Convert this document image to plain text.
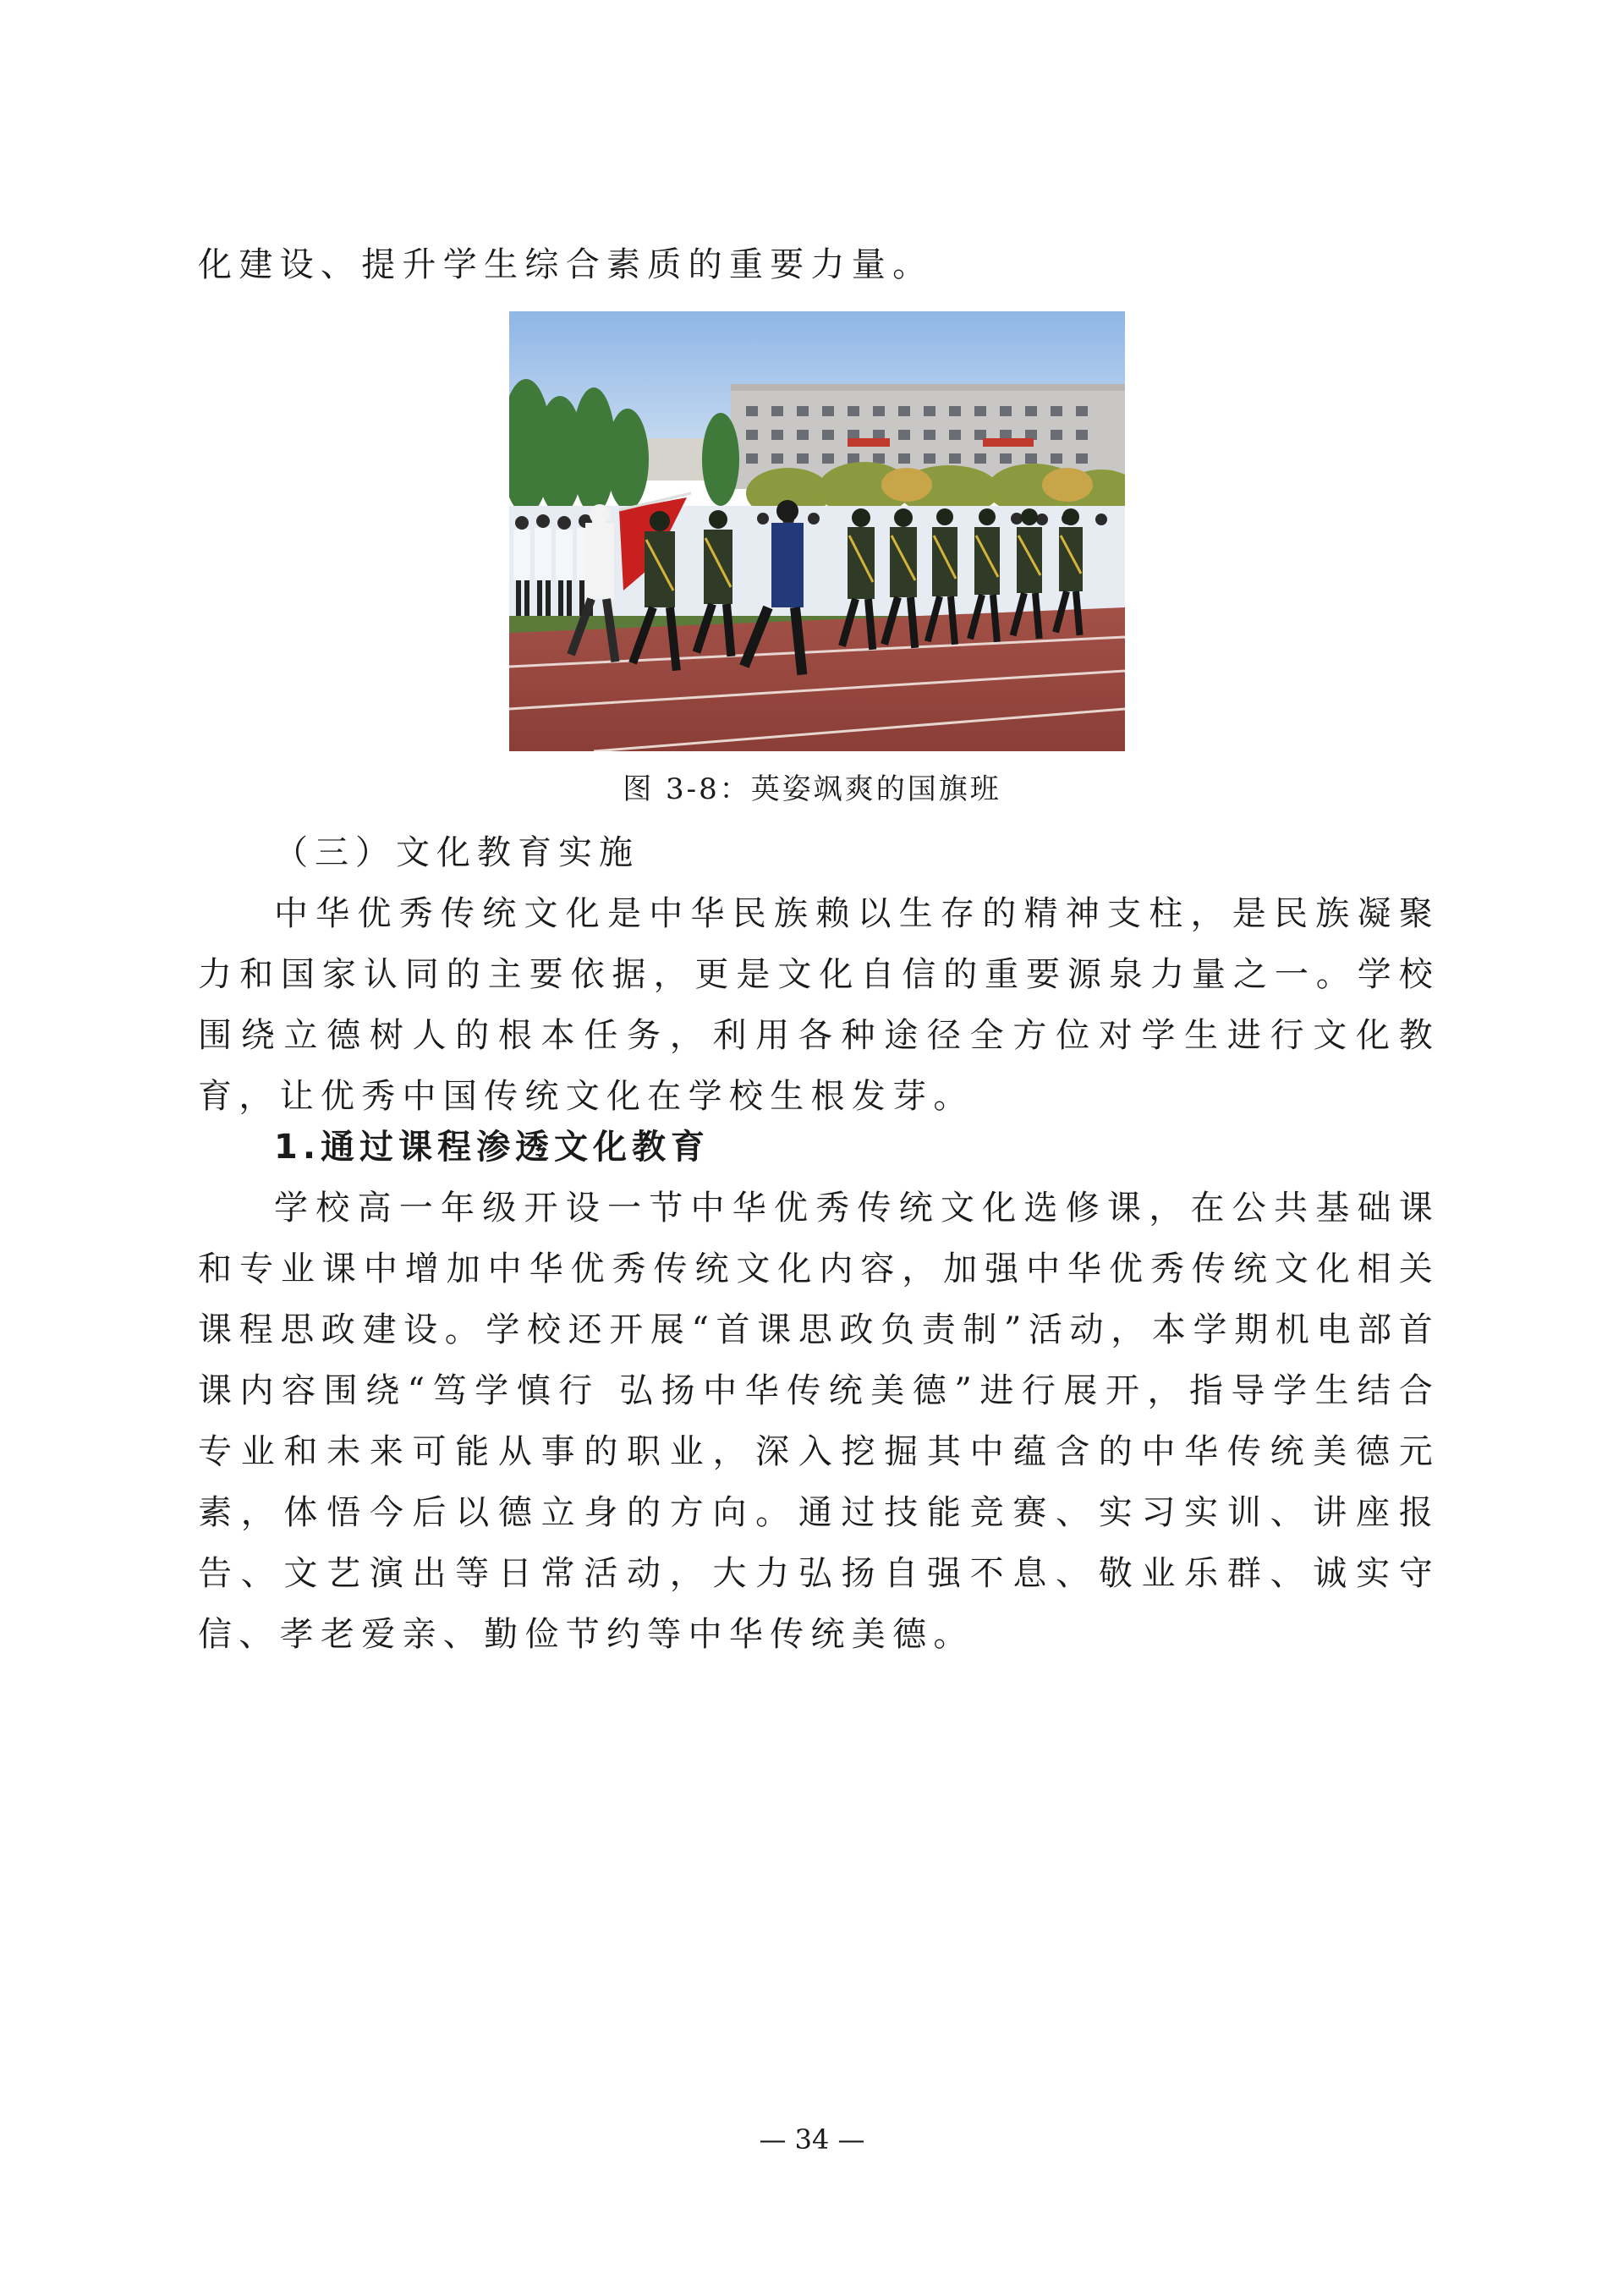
化建设、提升学生综合素质的重要力量。

图 3-8：英姿飒爽的国旗班

（三）文化教育实施

中华优秀传统文化是中华民族赖以生存的精神支柱，是民族凝聚力和国家认同的主要依据，更是文化自信的重要源泉力量之一。学校围绕立德树人的根本任务，利用各种途径全方位对学生进行文化教育，让优秀中国传统文化在学校生根发芽。

1.通过课程渗透文化教育

学校高一年级开设一节中华优秀传统文化选修课，在公共基础课和专业课中增加中华优秀传统文化内容，加强中华优秀传统文化相关课程思政建设。学校还开展“首课思政负责制”活动，本学期机电部首课内容围绕“笃学慎行 弘扬中华传统美德”进行展开，指导学生结合专业和未来可能从事的职业，深入挖掘其中蕴含的中华传统美德元素，体悟今后以德立身的方向。通过技能竞赛、实习实训、讲座报告、文艺演出等日常活动，大力弘扬自强不息、敬业乐群、诚实守信、孝老爱亲、勤俭节约等中华传统美德。

— 34 —
